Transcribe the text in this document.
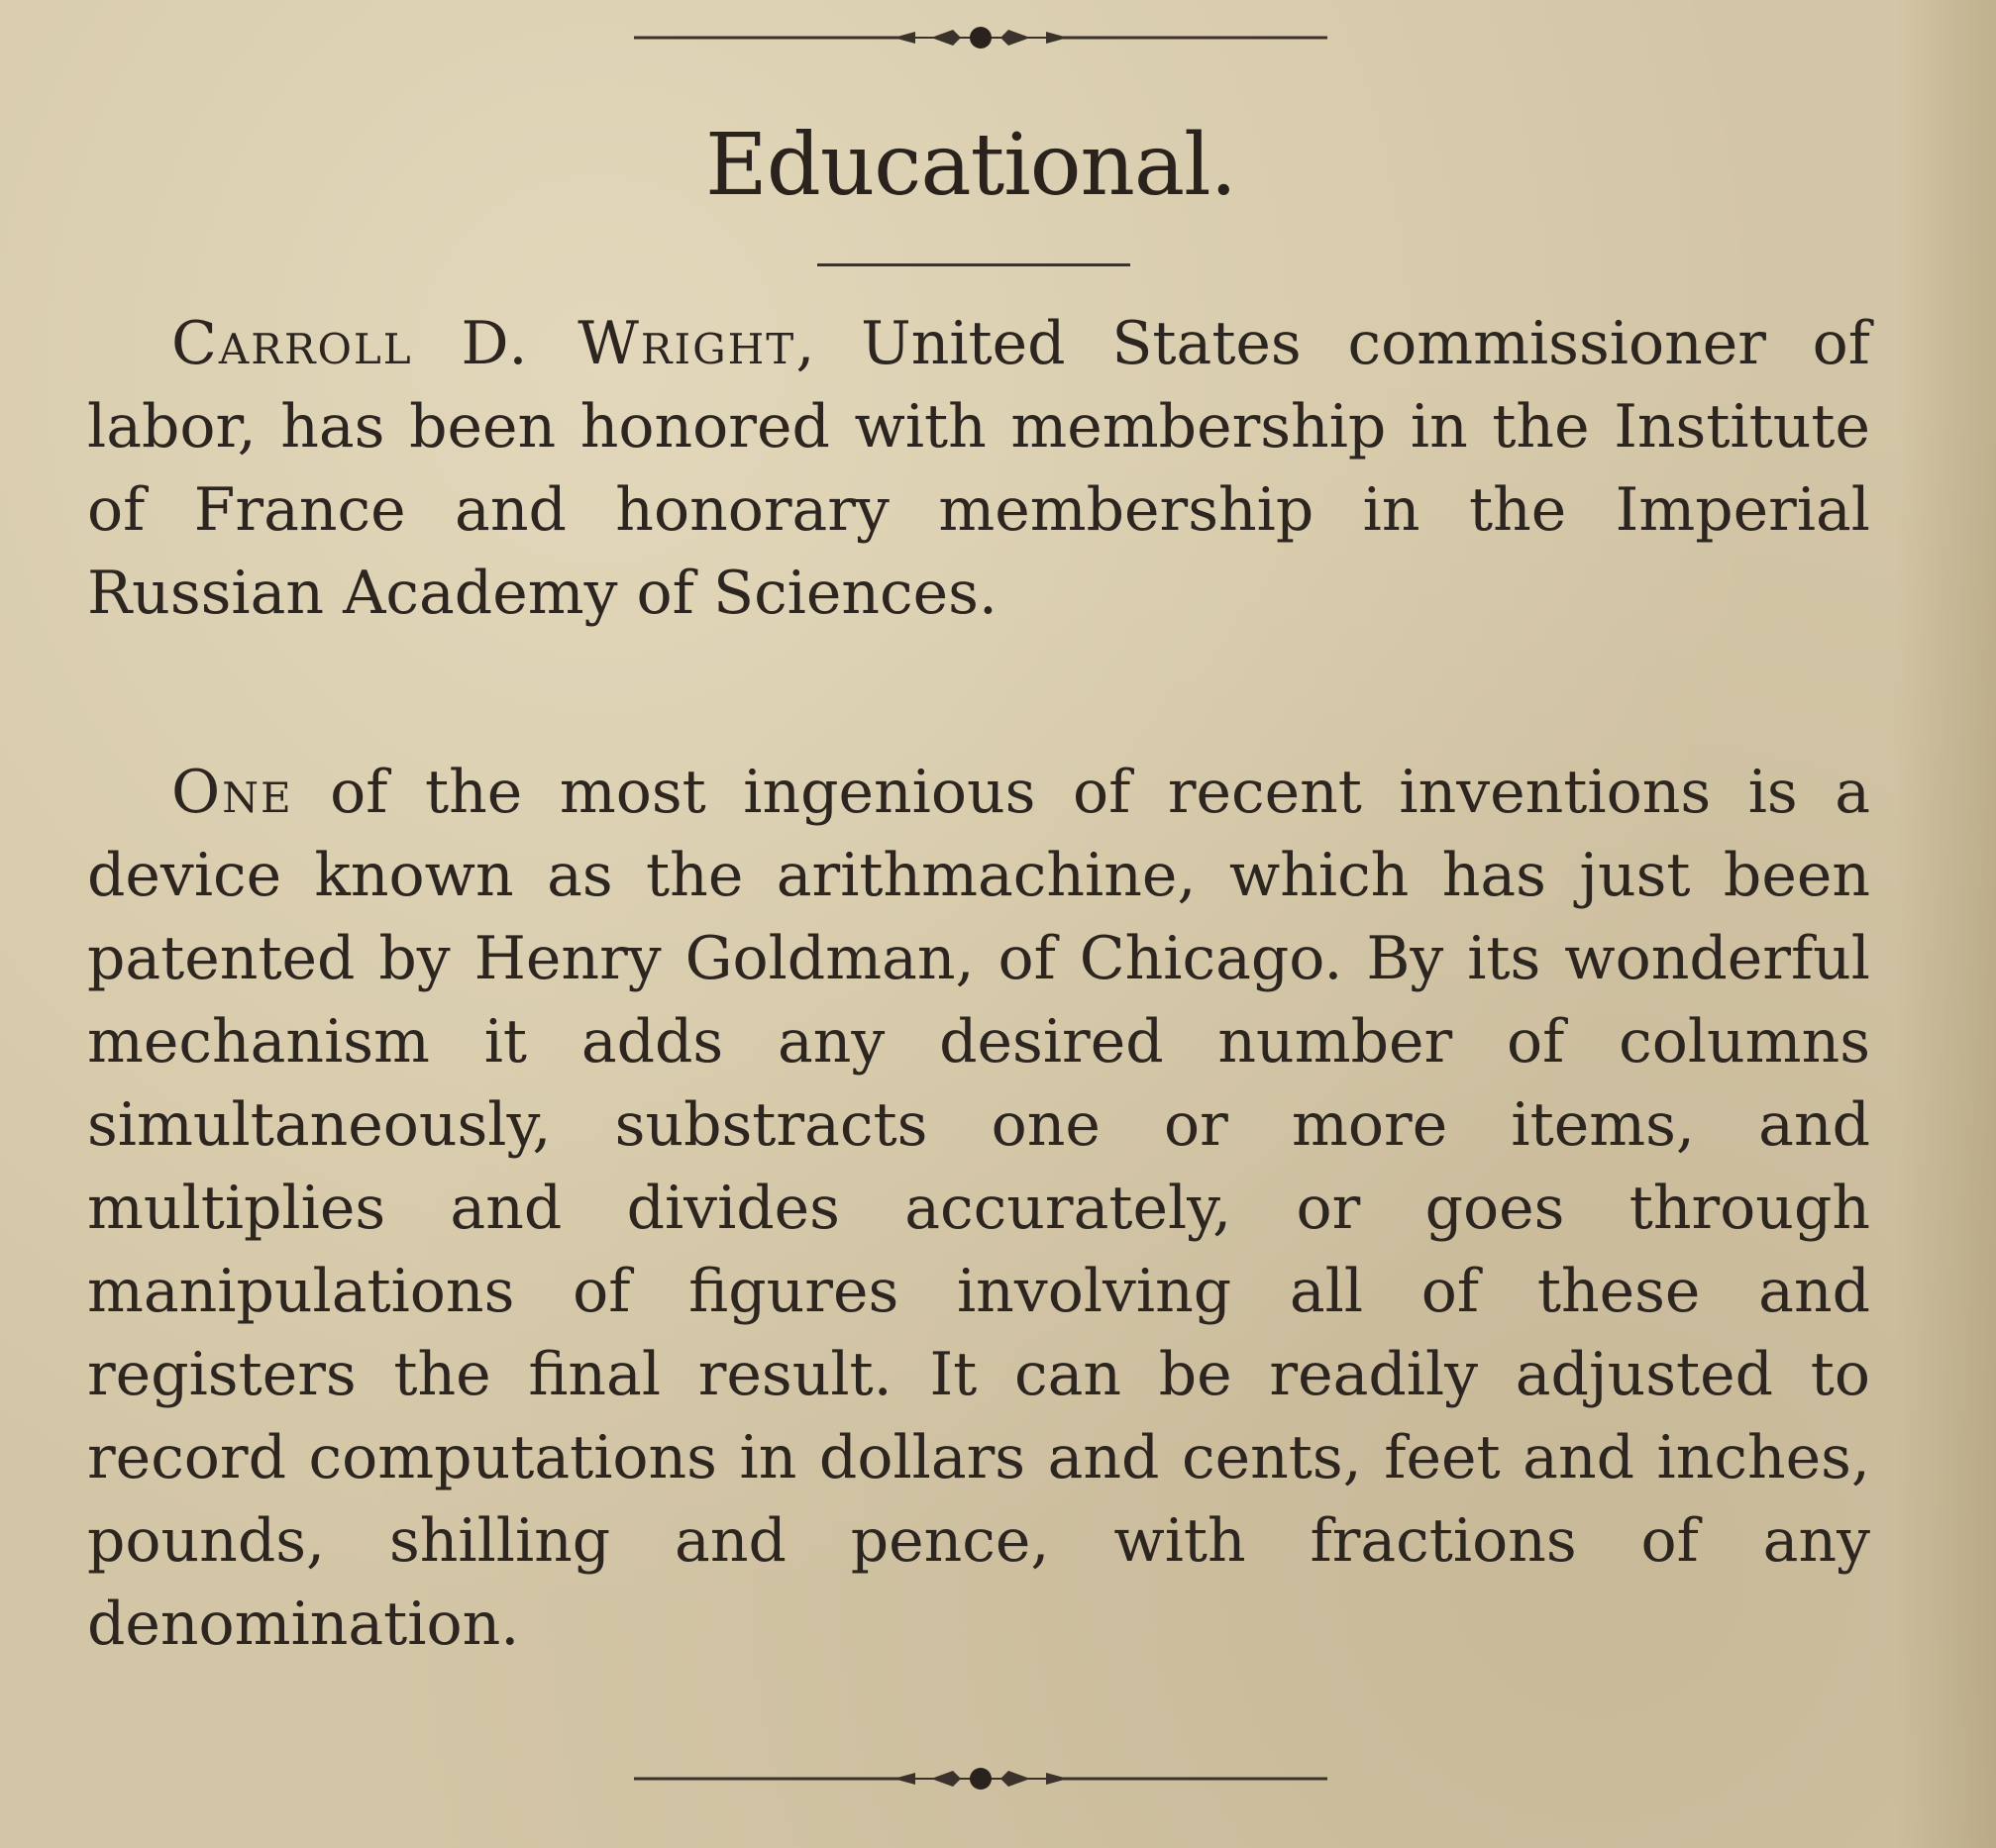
Educational.

Carroll D. Wright, United States commissioner of labor, has been honored with membership in the Institute of France and honorary membership in the Imperial Russian Academy of Sciences.

One of the most ingenious of recent inventions is a device known as the arithmachine, which has just been patented by Henry Goldman, of Chicago. By its wonderful mechanism it adds any desired number of columns simultaneously, substracts one or more items, and multiplies and divides accurately, or goes through manipulations of figures involving all of these and registers the final result. It can be readily adjusted to record computations in dollars and cents, feet and inches, pounds, shilling and pence, with fractions of any denomination.
